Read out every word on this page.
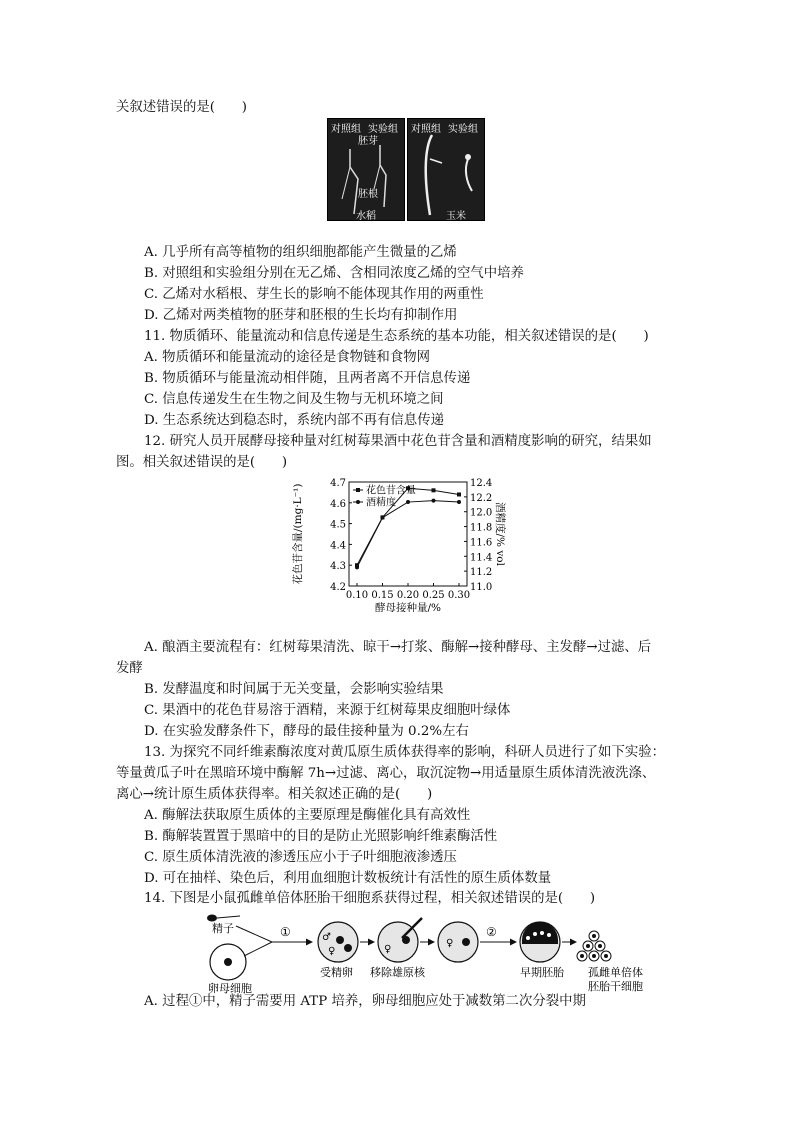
关叙述错误的是(　　)
对照组 实验组
胚芽
胚根
水稻
对照组 实验组
玉米
A. 几乎所有高等植物的组织细胞都能产生微量的乙烯
B. 对照组和实验组分别在无乙烯、含相同浓度乙烯的空气中培养
C. 乙烯对水稻根、芽生长的影响不能体现其作用的两重性
D. 乙烯对两类植物的胚芽和胚根的生长均有抑制作用
11. 物质循环、能量流动和信息传递是生态系统的基本功能，相关叙述错误的是(　　)
A. 物质循环和能量流动的途径是食物链和食物网
B. 物质循环与能量流动相伴随，且两者离不开信息传递
C. 信息传递发生在生物之间及生物与无机环境之间
D. 生态系统达到稳态时，系统内部不再有信息传递
12. 研究人员开展酵母接种量对红树莓果酒中花色苷含量和酒精度影响的研究，结果如
图。相关叙述错误的是(　　)
4.2
4.3
4.4
4.5
4.6
4.7
11.0
11.2
11.4
11.6
11.8
12.0
12.2
12.4
0.10 0.15 0.20 0.25 0.30
酵母接种量/%
花色苷含量/(mg·L⁻¹)	酒精度/% vol
花色苷含量
酒精度
A. 酿酒主要流程有：红树莓果清洗、晾干→打浆、酶解→接种酵母、主发酵→过滤、后
发酵
B. 发酵温度和时间属于无关变量，会影响实验结果
C. 果酒中的花色苷易溶于酒精，来源于红树莓果皮细胞叶绿体
D. 在实验发酵条件下，酵母的最佳接种量为 0.2%左右
13. 为探究不同纤维素酶浓度对黄瓜原生质体获得率的影响，科研人员进行了如下实验：
等量黄瓜子叶在黑暗环境中酶解 7h→过滤、离心，取沉淀物→用适量原生质体清洗液洗涤、
离心→统计原生质体获得率。相关叙述正确的是(　　)
A. 酶解法获取原生质体的主要原理是酶催化具有高效性
B. 酶解装置置于黑暗中的目的是防止光照影响纤维素酶活性
C. 原生质体清洗液的渗透压应小于子叶细胞液渗透压
D. 可在抽样、染色后，利用血细胞计数板统计有活性的原生质体数量
14. 下图是小鼠孤雌单倍体胚胎干细胞系获得过程，相关叙述错误的是(　　)
精子
卵母细胞
①	♂
♀
受精卵
♀
移除雄原核
♀
②
早期胚胎 孤雌单倍体
胚胎干细胞
A. 过程①中，精子需要用 ATP 培养，卵母细胞应处于减数第二次分裂中期
